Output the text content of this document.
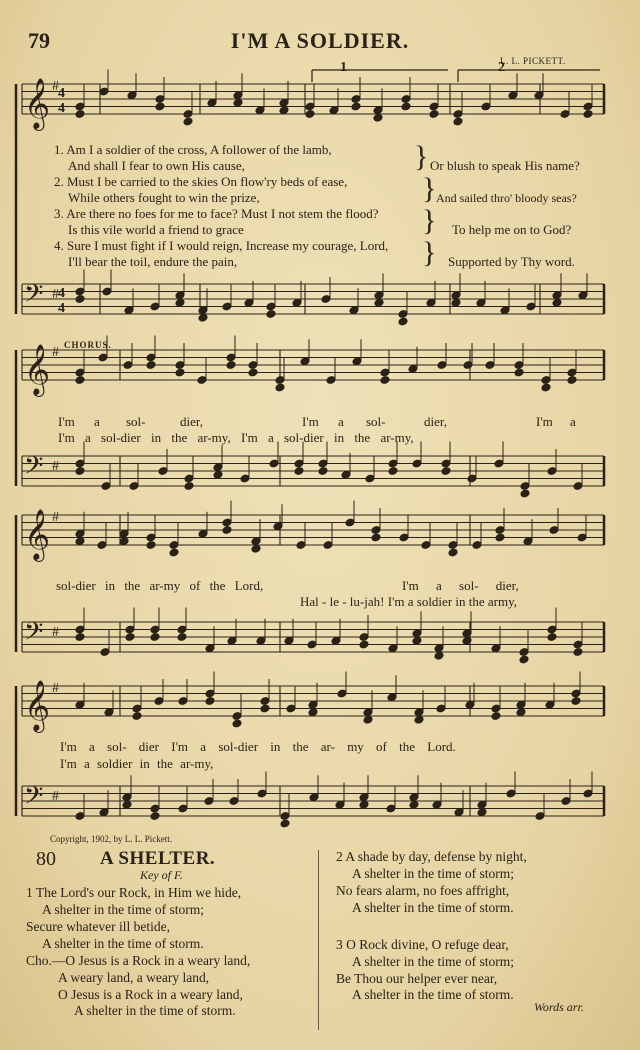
79	I'M A SOLDIER.
L. L. PICKETT.
𝄞 #
𝄢 #
𝄞 #
𝄢 #
𝄞 #
𝄢 #
𝄞 #
𝄢 #
4
4
4
4
1	2
1. Am I a soldier of the cross, A follower of the lamb,
And shall I fear to own His cause,	Or blush to speak His name?
2. Must I be carried to the skies On flow'ry beds of ease,
While others fought to win the prize,	And sailed thro' bloody seas?
3. Are there no foes for me to face? Must I not stem the flood?
Is this vile world a friend to grace	To help me on to God?
4. Sure I must fight if I would reign, Increase my courage, Lord,
I'll bear the toil, endure the pain,	Supported by Thy word.
}
}
}
}
CHORUS.
I'm a sol-	dier,	I'm a sol-	dier,	I'm a
I'm a sol-dier in the ar-my, I'm a sol-dier in the ar-my,
sol-dier in the ar-my of the Lord,	I'm a sol- dier,
Hal - le - lu-jah! I'm a soldier in the army,
I'm a sol- dier I'm a sol-dier in the ar- my of the Lord.
I'm a soldier in the ar-my,
Copyright, 1902, by L. L. Pickett.
80 A SHELTER.
Key of F.
1 The Lord's our Rock, in Him we hide,
A shelter in the time of storm;
Secure whatever ill betide,
A shelter in the time of storm.
Cho.—O Jesus is a Rock in a weary land,
A weary land, a weary land,
O Jesus is a Rock in a weary land,
A shelter in the time of storm.
2 A shade by day, defense by night,
A shelter in the time of storm;
No fears alarm, no foes affright,
A shelter in the time of storm.
3 O Rock divine, O refuge dear,
A shelter in the time of storm;
Be Thou our helper ever near,
A shelter in the time of storm.
Words arr.
